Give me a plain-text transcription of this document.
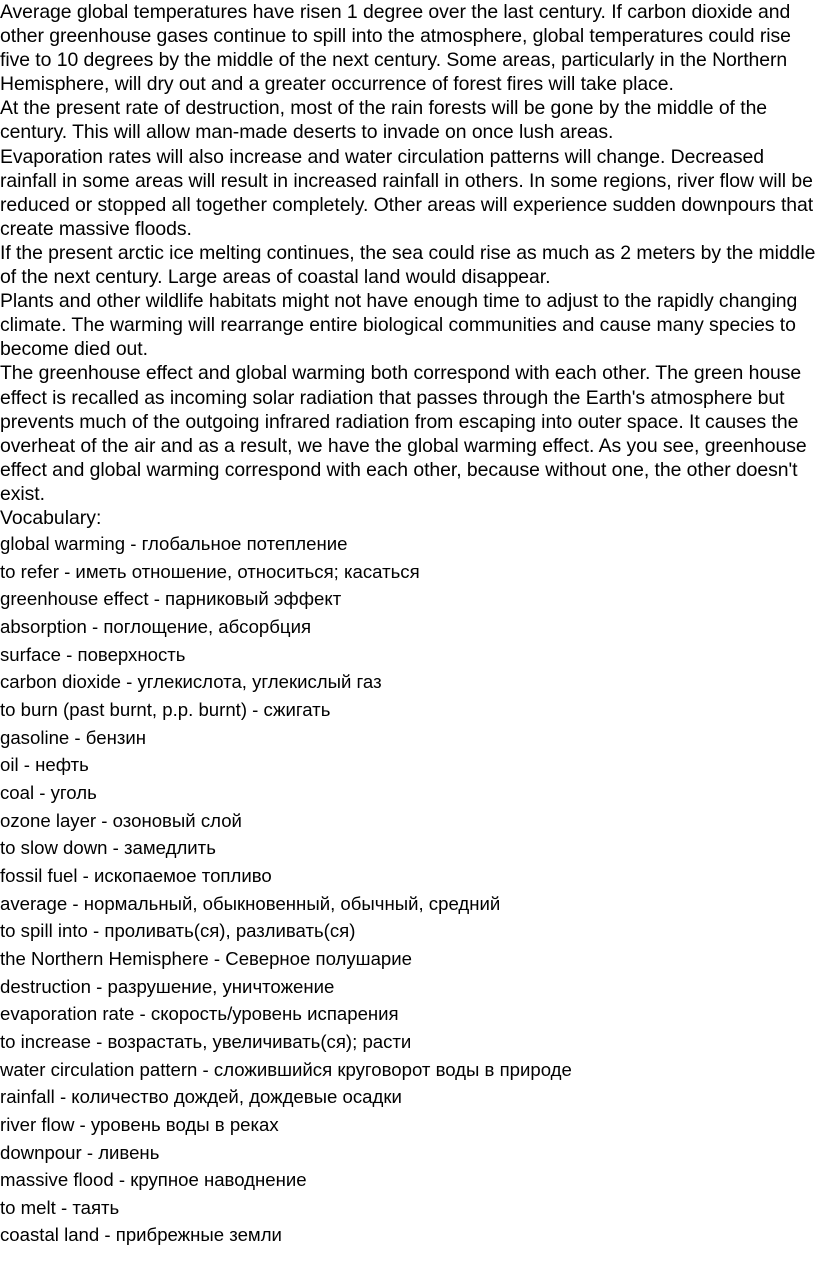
Average global temperatures have risen 1 degree over the last century. If carbon dioxide and other greenhouse gases continue to spill into the atmosphere, global temperatures could rise five to 10 degrees by the middle of the next century. Some areas, particularly in the Northern Hemisphere, will dry out and a greater occurrence of forest fires will take place.

At the present rate of destruction, most of the rain forests will be gone by the middle of the century. This will allow man-made deserts to invade on once lush areas.

Evaporation rates will also increase and water circulation patterns will change. Decreased rainfall in some areas will result in increased rainfall in others. In some regions, river flow will be reduced or stopped all together completely. Other areas will experience sudden downpours that create massive floods.

If the present arctic ice melting continues, the sea could rise as much as 2 meters by the middle of the next century. Large areas of coastal land would disappear.

Plants and other wildlife habitats might not have enough time to adjust to the rapidly changing climate. The warming will rearrange entire biological communities and cause many species to become died out.

The greenhouse effect and global warming both correspond with each other. The green house effect is recalled as incoming solar radiation that passes through the Earth's atmosphere but prevents much of the outgoing infrared radiation from escaping into outer space. It causes the overheat of the air and as a result, we have the global warming effect. As you see, greenhouse effect and global warming correspond with each other, because without one, the other doesn't exist.

Vocabulary:

global warming - глобальное потепление
to refer - иметь отношение, относиться; касаться
greenhouse effect - парниковый эффект
absorption - поглощение, абсорбция
surface - поверхность
carbon dioxide - углекислота, углекислый газ
to burn (past burnt, p.p. burnt) - сжигать
gasoline - бензин
oil - нефть
coal - уголь
ozone layer - озоновый слой
to slow down - замедлить
fossil fuel - ископаемое топливо
average - нормальный, обыкновенный, обычный, средний
to spill into - проливать(ся), разливать(ся)
the Northern Hemisphere - Северное полушарие
destruction - разрушение, уничтожение
evaporation rate - скорость/уровень испарения
to increase - возрастать, увеличивать(ся); расти
water circulation pattern - сложившийся круговорот воды в природе
rainfall - количество дождей, дождевые осадки
river flow - уровень воды в реках
downpour - ливень
massive flood - крупное наводнение
to melt - таять
coastal land - прибрежные земли
